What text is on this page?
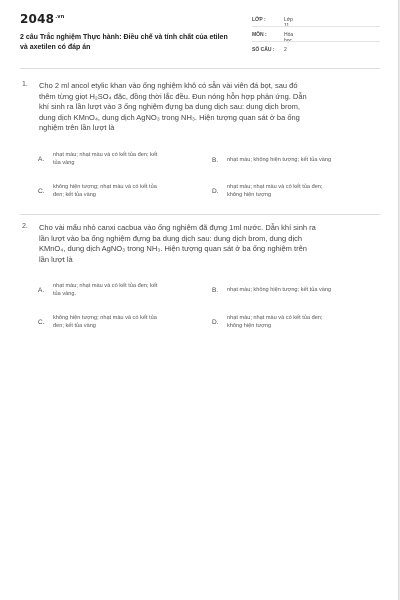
$2048^{.vn}$
2 câu Trắc nghiệm Thực hành: Điều chế và tính chất của etilen và axetilen có đáp án
LỚP :	Lớp 11
MÔN :	Hóa học
SỐ CÂU :	2
1. Cho 2 ml ancol etylic khan vào ống nghiệm khô có sẵn vài viên đá bọt, sau đó
thêm từng giọt H₂SO₄ đặc, đồng thời lắc đều. Đun nóng hỗn hợp phản ứng. Dẫn
khí sinh ra lần lượt vào 3 ống nghiệm đựng ba dung dịch sau: dung dịch brom,
dung dịch KMnO₄, dung dịch AgNO₃ trong NH₃. Hiện tượng quan sát ở ba ống
nghiệm trên lần lượt là
A.
nhạt màu; nhạt màu và có kết tủa đen; kết
tủa vàng	B. nhạt màu; không hiện tượng; kết tủa vàng
C.
không hiện tượng; nhạt màu và có kết tủa
đen; kết tủa vàng	D.
nhạt màu; nhạt màu và có kết tủa đen;
không hiện tượng
2. Cho vài mẩu nhỏ canxi cacbua vào ống nghiệm đã đựng 1ml nước. Dẫn khí sinh ra
lần lượt vào ba ống nghiệm đựng ba dung dịch sau: dung dịch brom, dung dịch
KMnO₄, dung dịch AgNO₃ trong NH₃. Hiện tượng quan sát ở ba ống nghiệm trên
lần lượt là
A.
nhạt màu; nhạt màu và có kết tủa đen; kết
tủa vàng.	B. nhạt màu; không hiện tượng; kết tủa vàng
C.
không hiện tượng; nhạt màu và có kết tủa
đen; kết tủa vàng	D.
nhạt màu; nhạt màu và có kết tủa đen;
không hiện tượng
